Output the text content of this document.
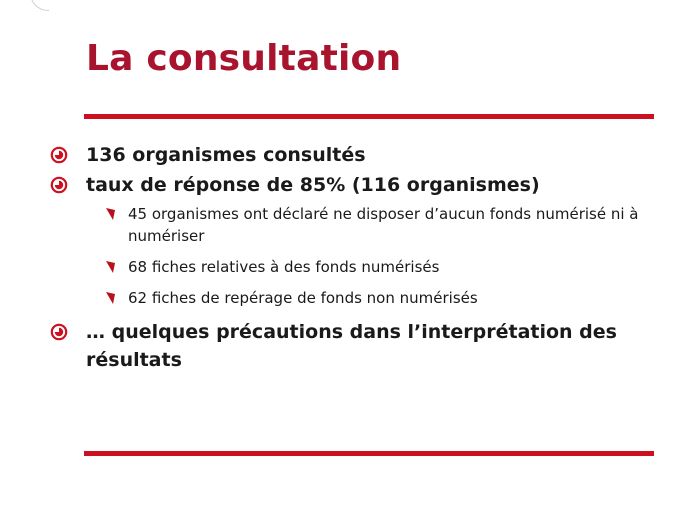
La consultation
136 organismes consultés
taux de réponse de 85% (116 organismes)
45 organismes ont déclaré ne disposer d’aucun fonds numérisé ni à numériser
68 fiches relatives à des fonds numérisés
62 fiches de repérage de fonds non numérisés
… quelques précautions dans l’interprétation des résultats
